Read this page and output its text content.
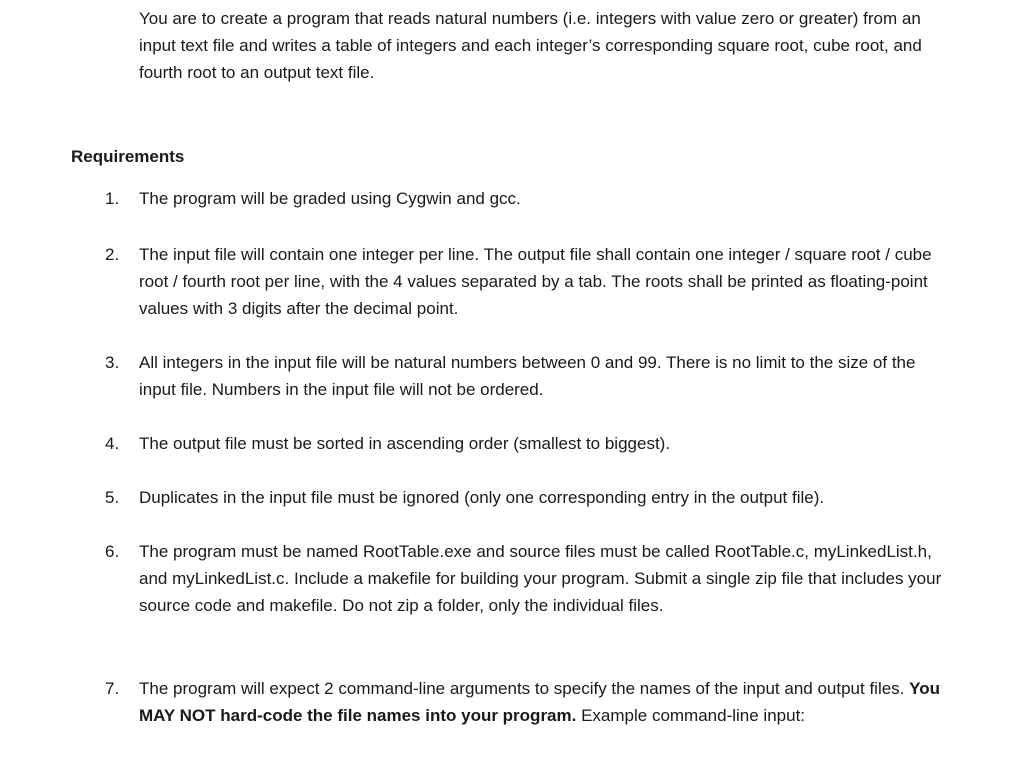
You are to create a program that reads natural numbers (i.e. integers with value zero or greater) from an input text file and writes a table of integers and each integer’s corresponding square root, cube root, and fourth root to an output text file.

Requirements
1.	The program will be graded using Cygwin and gcc.
2.	The input file will contain one integer per line. The output file shall contain one integer / square root / cube root / fourth root per line, with the 4 values separated by a tab. The roots shall be printed as floating-point values with 3 digits after the decimal point.
3.	All integers in the input file will be natural numbers between 0 and 99. There is no limit to the size of the input file. Numbers in the input file will not be ordered.
4.	The output file must be sorted in ascending order (smallest to biggest).
5.	Duplicates in the input file must be ignored (only one corresponding entry in the output file).
6.	The program must be named RootTable.exe and source files must be called RootTable.c, myLinkedList.h, and myLinkedList.c. Include a makefile for building your program. Submit a single zip file that includes your source code and makefile. Do not zip a folder, only the individual files.
7.	The program will expect 2 command-line arguments to specify the names of the input and output files. You MAY NOT hard-code the file names into your program. Example command-line input:
